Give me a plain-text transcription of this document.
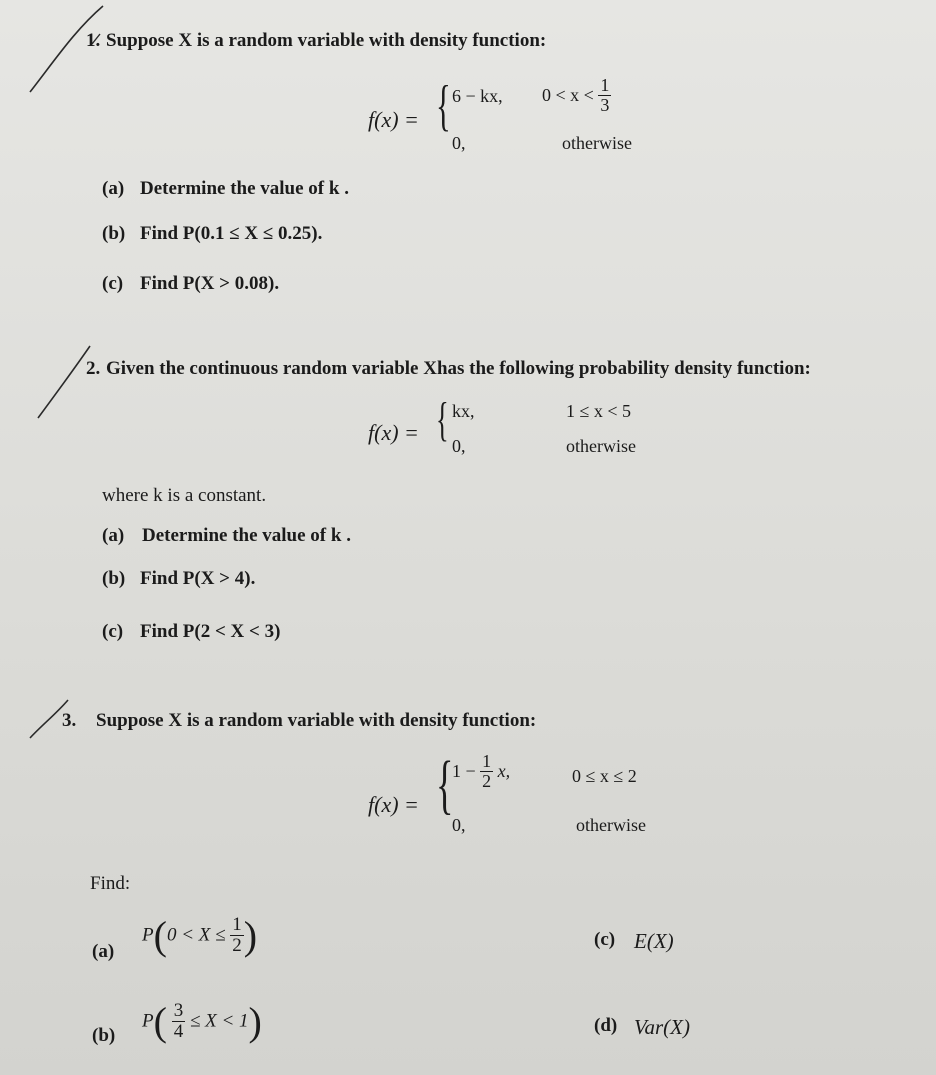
1. Suppose X is a random variable with density function:
f(x) = { 6 − kx, $0 < x < \frac{1}{3}$
0,	otherwise
(a) Determine the value of k .
(b) Find P(0.1 ≤ X ≤ 0.25).
(c) Find P(X > 0.08).
2. Given the continuous random variable Xhas the following probability density function:
f(x) = { kx,	1 ≤ x < 5
0,	otherwise
where k is a constant.
(a) Determine the value of k .
(b) Find P(X > 4).
(c) Find P(2 < X < 3)
3. Suppose X is a random variable with density function:
f(x) = {
$1 - \frac{1}{2} x$,	0 ≤ x ≤ 2
0,	otherwise
Find:
(a)
$P(0 < X \le \frac{1}{2}$ )
(b)
$P( \frac{3}{4} \le X < 1)$
(c) E(X)
(d) Var(X)
